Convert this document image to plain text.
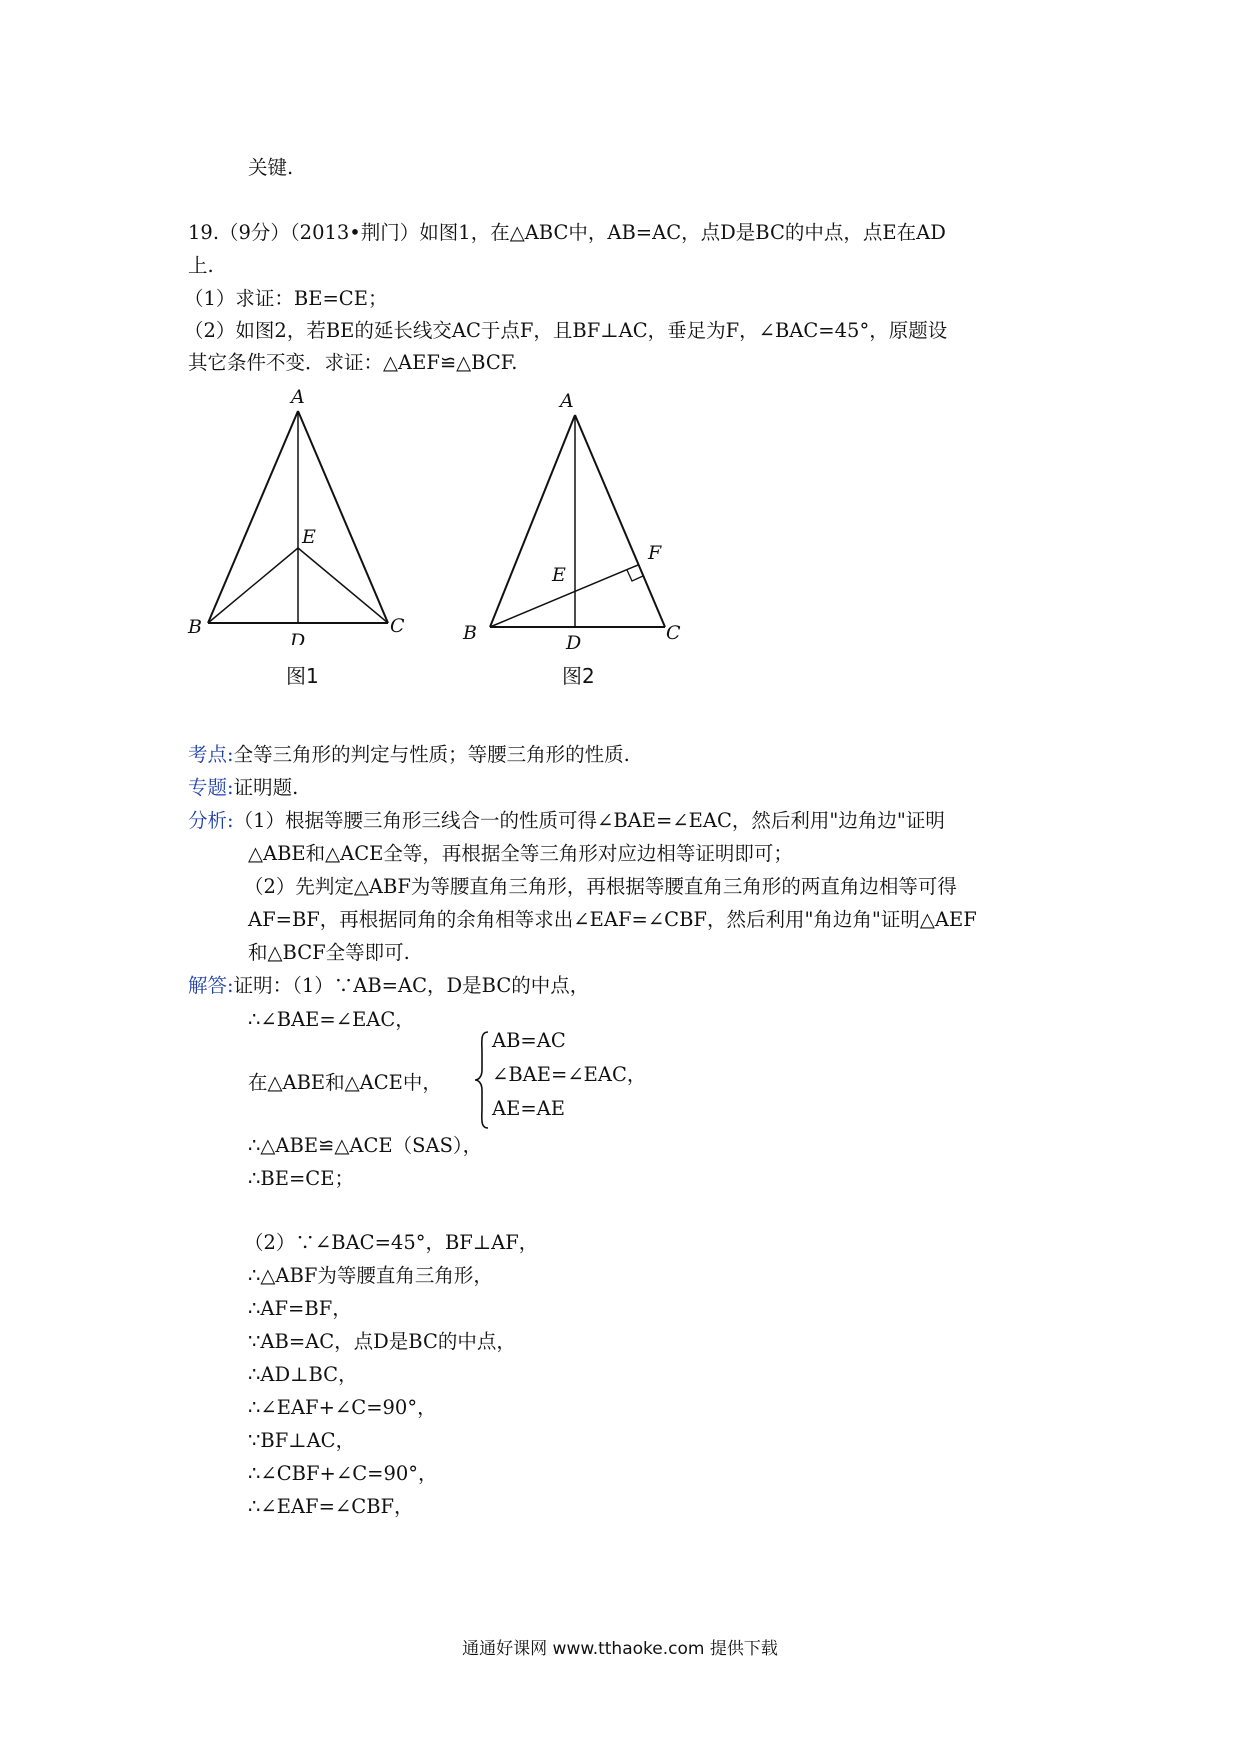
关键.
19.（9分）（2013•荆门）如图1，在△ABC中，AB=AC，点D是BC的中点，点E在AD
上.
（1）求证：BE=CE；
（2）如图2，若BE的延长线交AC于点F，且BF⊥AC，垂足为F，∠BAC=45°，原题设
其它条件不变．求证：△AEF≌△BCF.
A
B	C
D
E
图1
A
B	C
D
E
F
图2
考点:全等三角形的判定与性质；等腰三角形的性质.
专题:证明题.
分析:（1）根据等腰三角形三线合一的性质可得∠BAE=∠EAC，然后利用"边角边"证明
△ABE和△ACE全等，再根据全等三角形对应边相等证明即可；
（2）先判定△ABF为等腰直角三角形，再根据等腰直角三角形的两直角边相等可得
AF=BF，再根据同角的余角相等求出∠EAF=∠CBF，然后利用"角边角"证明△AEF
和△BCF全等即可.
解答:证明：（1）∵AB=AC，D是BC的中点，
∴∠BAE=∠EAC，
在△ABE和△ACE中，
AB=AC
∠BAE=∠EAC，
AE=AE
∴△ABE≌△ACE（SAS），
∴BE=CE；
（2）∵∠BAC=45°，BF⊥AF，
∴△ABF为等腰直角三角形，
∴AF=BF，
∵AB=AC，点D是BC的中点，
∴AD⊥BC，
∴∠EAF+∠C=90°，
∵BF⊥AC，
∴∠CBF+∠C=90°，
∴∠EAF=∠CBF，
通通好课网 www.tthaoke.com 提供下载
